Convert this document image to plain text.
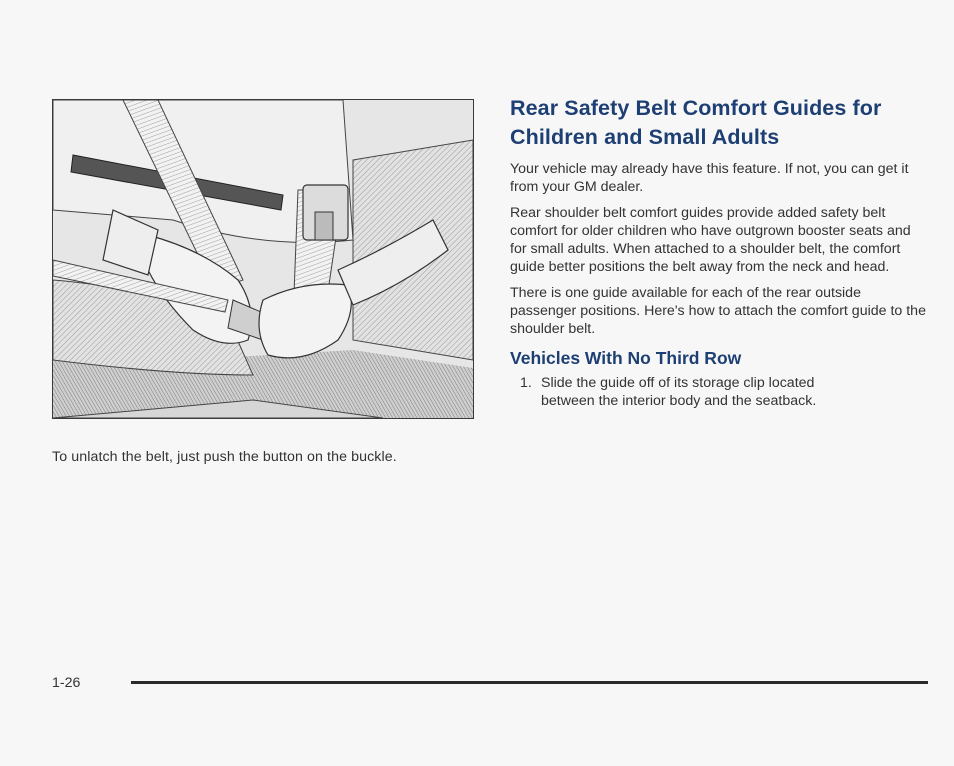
To unlatch the belt, just push the button on the buckle.
Rear Safety Belt Comfort Guides for Children and Small Adults

Your vehicle may already have this feature. If not, you can get it from your GM dealer.

Rear shoulder belt comfort guides provide added safety belt comfort for older children who have outgrown booster seats and for small adults. When attached to a shoulder belt, the comfort guide better positions the belt away from the neck and head.

There is one guide available for each of the rear outside passenger positions. Here's how to attach the comfort guide to the shoulder belt.

Vehicles With No Third Row
1. Slide the guide off of its storage clip located between the interior body and the seatback.
1-26
